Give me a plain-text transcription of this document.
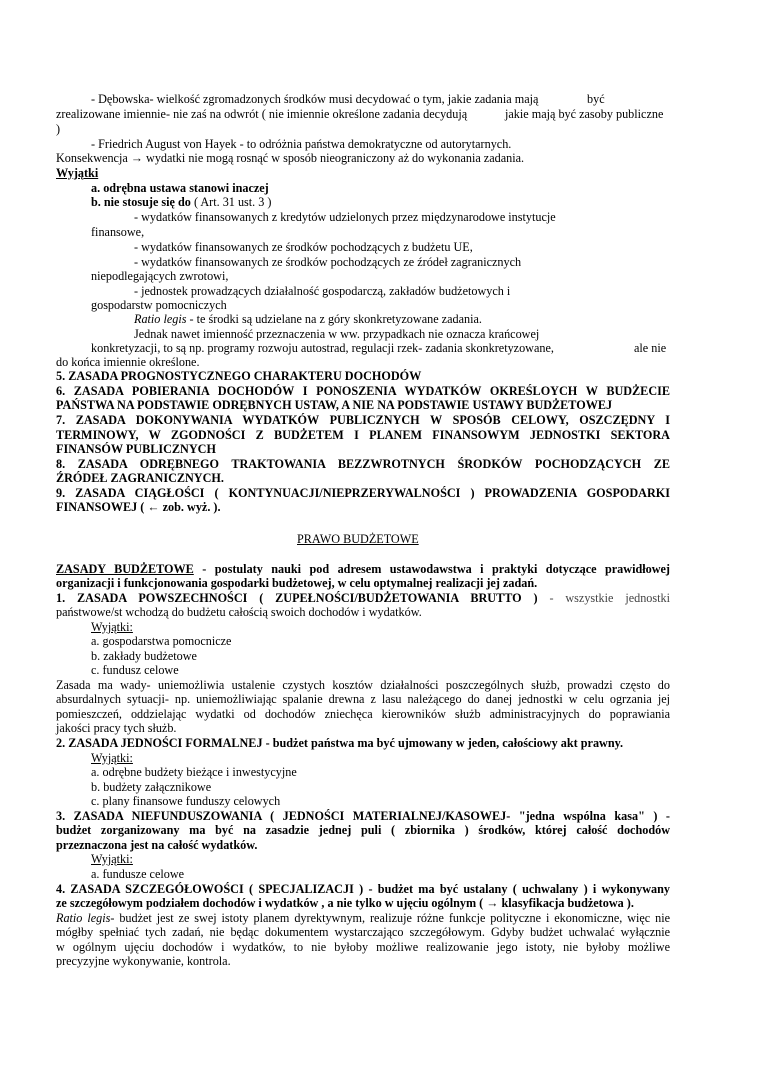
- Dębowska- wielkość zgromadzonych środków musi decydować o tym, jakie zadania mają	być
zrealizowane imiennie- nie zaś na odwrót ( nie imiennie określone zadania decydują	jakie mają być zasoby publiczne
)
- Friedrich August von Hayek - to odróżnia państwa demokratyczne od autorytarnych.
Konsekwencja → wydatki nie mogą rosnąć w sposób nieograniczony aż do wykonania zadania.
Wyjątki
a. odrębna ustawa stanowi inaczej
b. nie stosuje się do ( Art. 31 ust. 3 )
- wydatków finansowanych z kredytów udzielonych przez międzynarodowe instytucje
finansowe,
- wydatków finansowanych ze środków pochodzących z budżetu UE,
- wydatków finansowanych ze środków pochodzących ze źródeł zagranicznych
niepodlegających zwrotowi,
- jednostek prowadzących działalność gospodarczą, zakładów budżetowych i
gospodarstw pomocniczych
Ratio legis - te środki są udzielane na z góry skonkretyzowane zadania.
Jednak nawet imienność przeznaczenia w ww. przypadkach nie oznacza krańcowej
konkretyzacji, to są np. programy rozwoju autostrad, regulacji rzek- zadania skonkretyzowane,	ale nie
do końca imiennie określone.
5. ZASADA PROGNOSTYCZNEGO CHARAKTERU DOCHODÓW
6. ZASADA POBIERANIA DOCHODÓW I PONOSZENIA WYDATKÓW OKREŚLOYCH W BUDŻECIE
PAŃSTWA NA PODSTAWIE ODRĘBNYCH USTAW, A NIE NA PODSTAWIE USTAWY BUDŻETOWEJ
7. ZASADA DOKONYWANIA WYDATKÓW PUBLICZNYCH W SPOSÓB CELOWY, OSZCZĘDNY I
TERMINOWY, W ZGODNOŚCI Z BUDŻETEM I PLANEM FINANSOWYM JEDNOSTKI SEKTORA
FINANSÓW PUBLICZNYCH
8. ZASADA ODRĘBNEGO TRAKTOWANIA BEZZWROTNYCH ŚRODKÓW POCHODZĄCYCH ZE
ŹRÓDEŁ ZAGRANICZNYCH.
9. ZASADA CIĄGŁOŚCI ( KONTYNUACJI/NIEPRZERYWALNOŚCI ) PROWADZENIA GOSPODARKI
FINANSOWEJ ( ← zob. wyż. ).
PRAWO BUDŻETOWE
ZASADY BUDŻETOWE - postulaty nauki pod adresem ustawodawstwa i praktyki dotyczące prawidłowej
organizacji i funkcjonowania gospodarki budżetowej, w celu optymalnej realizacji jej zadań.
1. ZASADA POWSZECHNOŚCI ( ZUPEŁNOŚCI/BUDŻETOWANIA BRUTTO ) - wszystkie jednostki
państwowe/st wchodzą do budżetu całością swoich dochodów i wydatków.
Wyjątki:
a. gospodarstwa pomocnicze
b. zakłady budżetowe
c. fundusz celowe
Zasada ma wady- uniemożliwia ustalenie czystych kosztów działalności poszczególnych służb, prowadzi często do
absurdalnych sytuacji- np. uniemożliwiając spalanie drewna z lasu należącego do danej jednostki w celu ogrzania jej
pomieszczeń, oddzielając wydatki od dochodów zniechęca kierowników służb administracyjnych do poprawiania
jakości pracy tych służb.
2. ZASADA JEDNOŚCI FORMALNEJ - budżet państwa ma być ujmowany w jeden, całościowy akt prawny.
Wyjątki:
a. odrębne budżety bieżące i inwestycyjne
b. budżety załącznikowe
c. plany finansowe funduszy celowych
3. ZASADA NIEFUNDUSZOWANIA ( JEDNOŚCI MATERIALNEJ/KASOWEJ- "jedna wspólna kasa" ) -
budżet zorganizowany ma być na zasadzie jednej puli ( zbiornika ) środków, której całość dochodów
przeznaczona jest na całość wydatków.
Wyjątki:
a. fundusze celowe
4. ZASADA SZCZEGÓŁOWOŚCI ( SPECJALIZACJI ) - budżet ma być ustalany ( uchwalany ) i wykonywany
ze szczegółowym podziałem dochodów i wydatków , a nie tylko w ujęciu ogólnym ( → klasyfikacja budżetowa ).
Ratio legis- budżet jest ze swej istoty planem dyrektywnym, realizuje różne funkcje polityczne i ekonomiczne, więc nie
mógłby spełniać tych zadań, nie będąc dokumentem wystarczająco szczegółowym. Gdyby budżet uchwalać wyłącznie
w ogólnym ujęciu dochodów i wydatków, to nie byłoby możliwe realizowanie jego istoty, nie byłoby możliwe
precyzyjne wykonywanie, kontrola.
